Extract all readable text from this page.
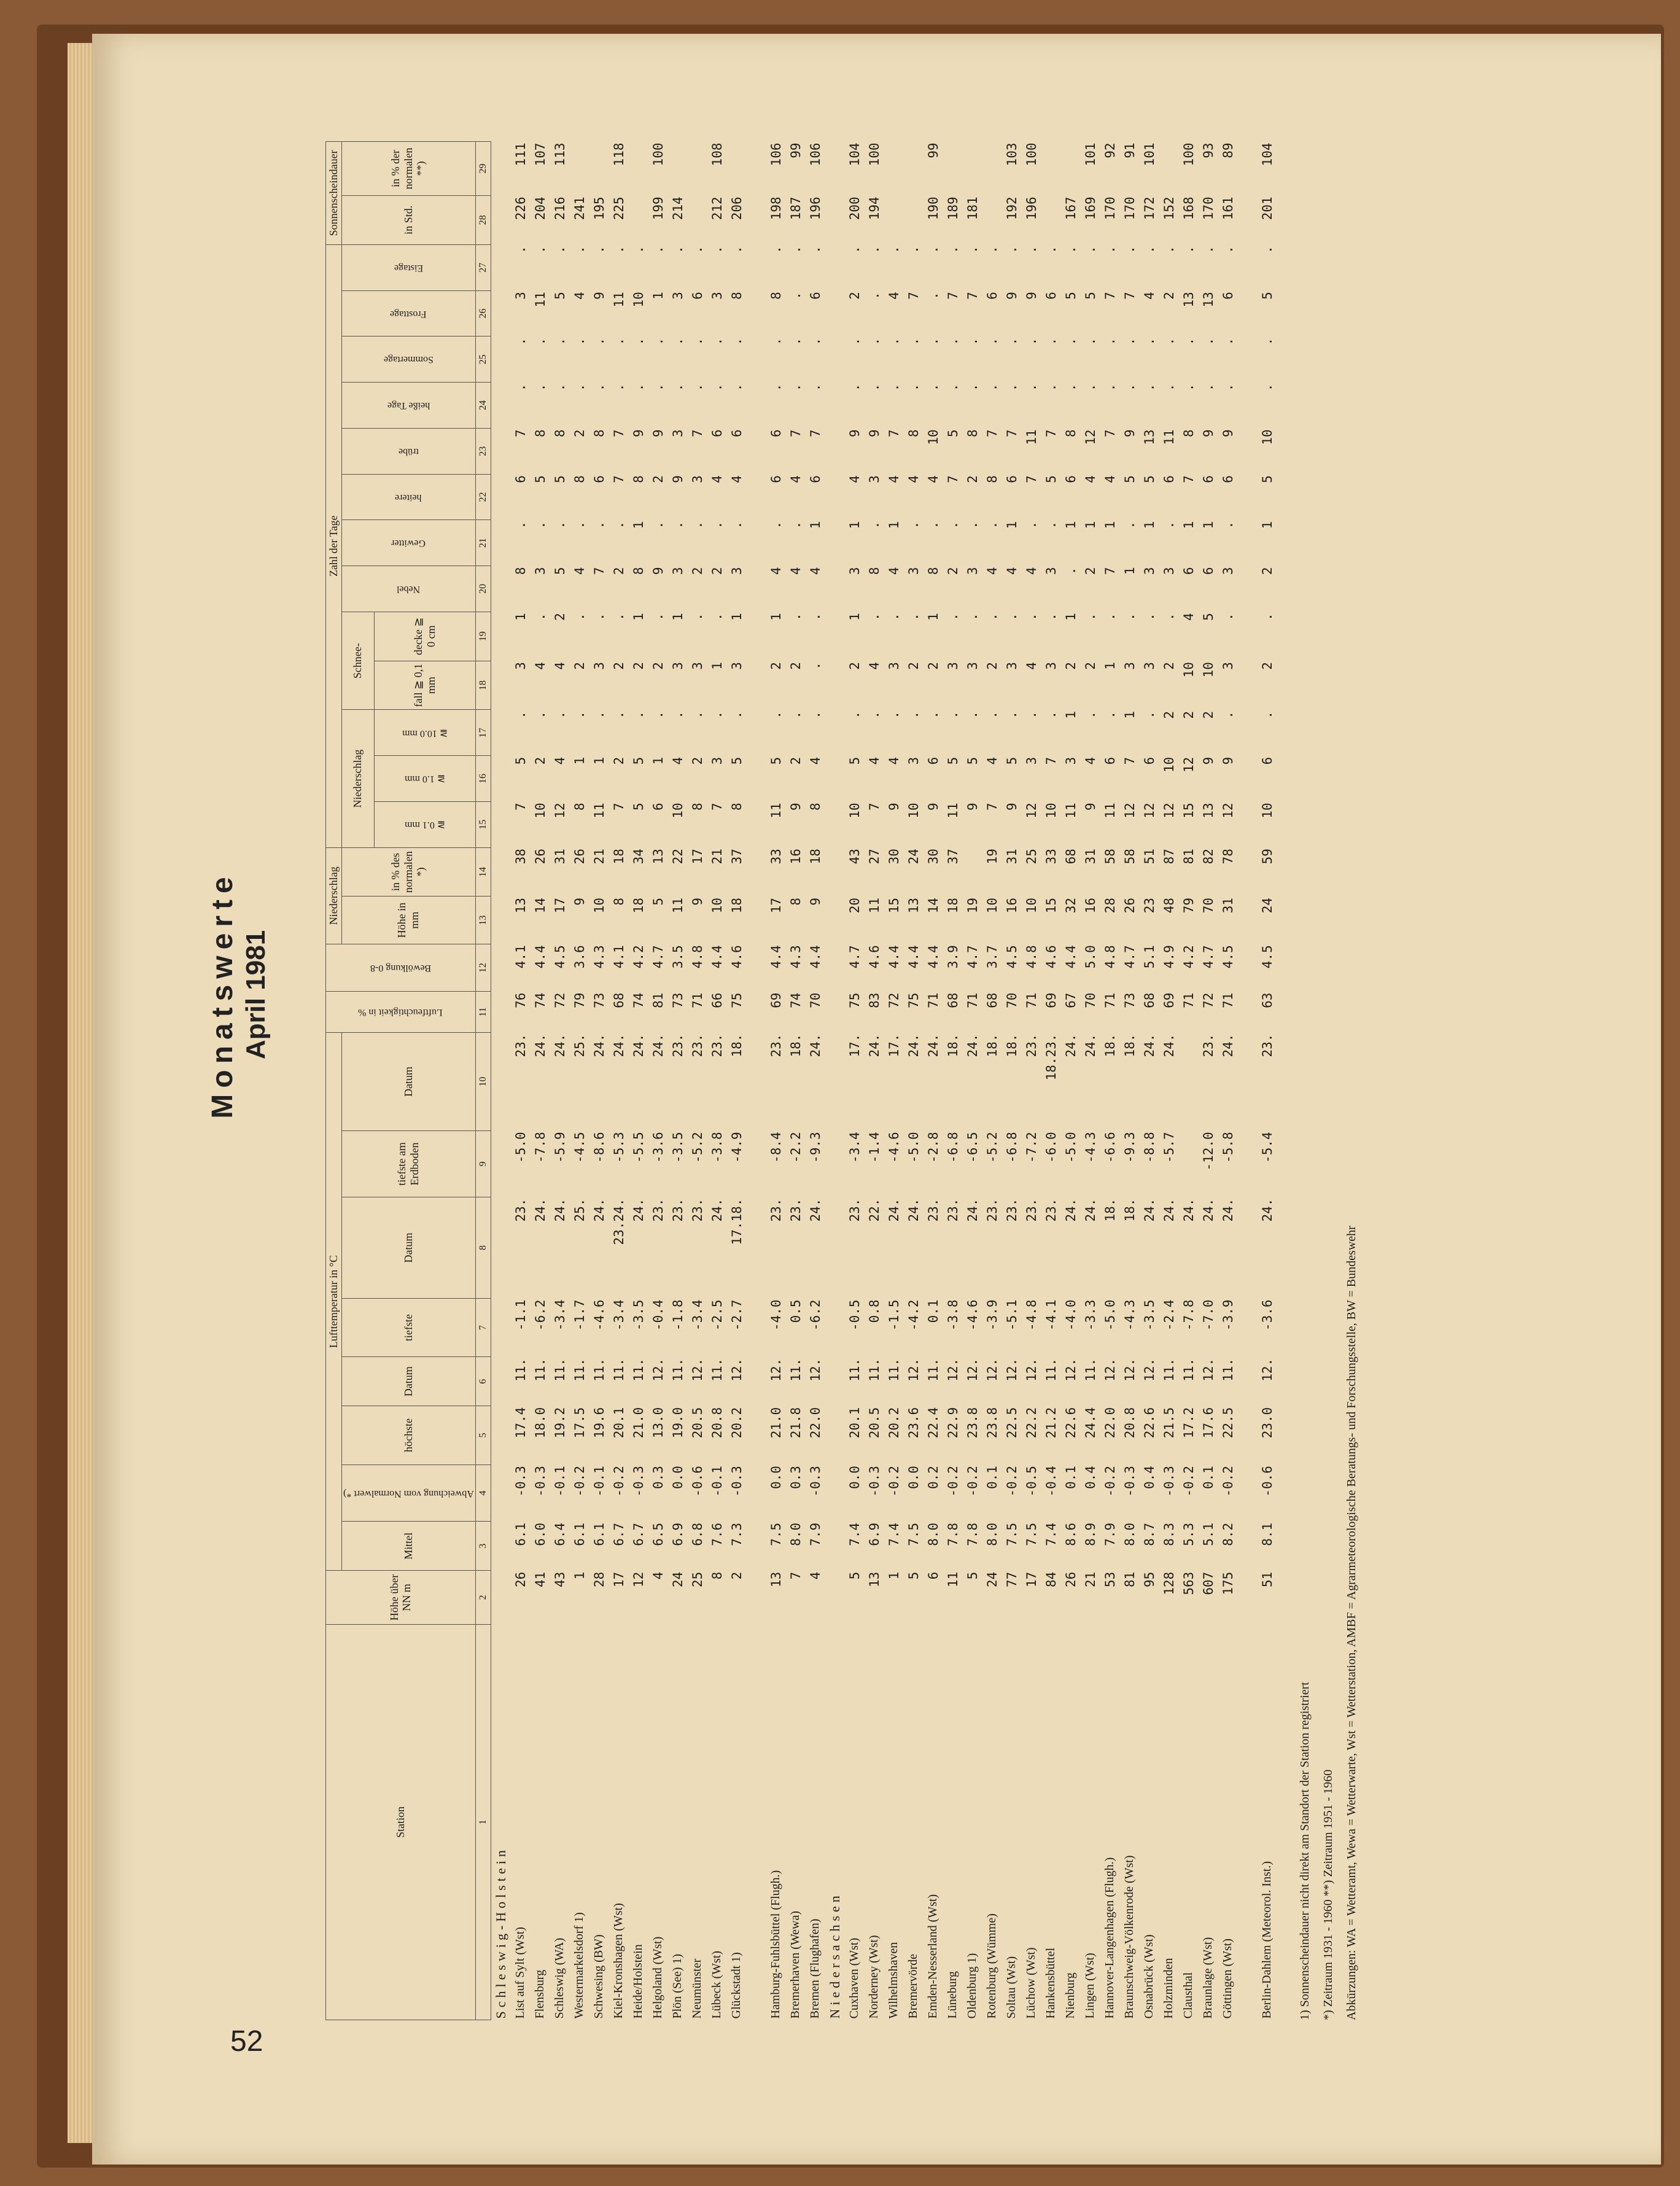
52
Monatswerte April 1981
Station	Höhe über NN m	Lufttemperatur in °C								Luftfeuchtigkeit in %	Bewölkung 0-8	Niederschlag		Zahl der Tage													Sonnenscheindauer	
		Mittel	Abweichung vom Normalwert *)	höchste	Datum	tiefste	Datum	tiefste am Erdboden	Datum			Höhe in mm	in % des normalen *)	Niederschlag			Schnee-		Nebel	Gewitter	heitere	trübe	heiße Tage	Sommertage	Frosttage	Eistage	in Std.	in % der normalen **)

														≧ 0.1 mm	≧ 1.0 mm	≧ 10.0 mm	fall ≧ 0,1 mm	decke ≧ 0 cm										
1	2	3	4	5	6	7	8	9	10	11	12	13	14	15	16	17	18	19	20	21	22	23	24	25	26	27	28	29
Schleswig-Holstein																												
List auf Sylt (Wst)	26	6.1	-0.3	17.4	11.	-1.1	23.	-5.0	23.	76	4.1	13	38	7	5	.	3	1	8	.	6	7	.	.	3	.	226	111
Flensburg	41	6.0	-0.3	18.0	11.	-6.2	24.	-7.8	24.	74	4.4	14	26	10	2	.	4	.	3	.	5	8	.	.	11	.	204	107
Schleswig (WA)	43	6.4	-0.1	19.2	11.	-3.4	24.	-5.9	24.	72	4.5	17	31	12	4	.	4	2	5	.	5	8	.	.	5	.	216	113
Westermarkelsdorf 1)	1	6.1	-0.2	17.5	11.	-1.7	25.	-4.5	25.	79	3.6	9	26	8	1	.	2	.	4	.	8	2	.	.	4	.	241	
Schwesing (BW)	28	6.1	-0.1	19.6	11.	-4.6	24.	-8.6	24.	73	4.3	10	21	11	1	.	3	.	7	.	6	8	.	.	9	.	195	
Kiel-Kronshagen (Wst)	17	6.7	-0.2	20.1	11.	-3.4	23.24.	-5.3	24.	68	4.1	8	18	7	2	.	2	.	2	.	7	7	.	.	11	.	225	118
Heide/Holstein	12	6.7	-0.3	21.0	11.	-3.5	24.	-5.5	24.	74	4.2	18	34	5	5	.	2	1	8	1	8	9	.	.	10	.		
Helgoland (Wst)	4	6.5	0.3	13.0	12.	-0.4	23.	-3.6	24.	81	4.7	5	13	6	1	.	2	.	9	.	2	9	.	.	1	.	199	100
Plön (See) 1)	24	6.9	0.0	19.0	11.	-1.8	23.	-3.5	23.	73	3.5	11	22	10	4	.	3	1	3	.	9	3	.	.	3	.	214	
Neumünster	25	6.8	-0.6	20.5	12.	-3.4	23.	-5.2	23.	71	4.8	9	17	8	2	.	3	.	2	.	3	7	.	.	6	.		
Lübeck (Wst)	8	7.6	-0.1	20.8	11.	-2.5	24.	-3.8	23.	66	4.4	10	21	7	3	.	1	.	2	.	4	6	.	.	3	.	212	108
Glückstadt 1)	2	7.3	-0.3	20.2	12.	-2.7	17.18.	-4.9	18.	75	4.6	18	37	8	5	.	3	1	3	.	4	6	.	.	8	.	206	

Hamburg-Fuhlsbüttel (Flugh.)	13	7.5	0.0	21.0	12.	-4.0	23.	-8.4	23.	69	4.4	17	33	11	5	.	2	1	4	.	6	6	.	.	8	.	198	106
Bremerhaven (Wewa)	7	8.0	0.3	21.8	11.	0.5	23.	-2.2	18.	74	4.3	8	16	9	2	.	2	.	4	.	4	7	.	.	.	.	187	99
Bremen (Flughafen)	4	7.9	-0.3	22.0	12.	-6.2	24.	-9.3	24.	70	4.4	9	18	8	4	.	.	.	4	1	6	7	.	.	6	.	196	106
Niedersachsen																												
Cuxhaven (Wst)	5	7.4	0.0	20.1	11.	-0.5	23.	-3.4	17.	75	4.7	20	43	10	5	.	2	1	3	1	4	9	.	.	2	.	200	104
Norderney (Wst)	13	6.9	-0.3	20.5	11.	0.8	22.	-1.4	24.	83	4.6	11	27	7	4	.	4	.	8	.	3	9	.	.	.	.	194	100
Wilhelmshaven	1	7.4	-0.2	20.2	11.	-1.5	24.	-4.6	17.	72	4.4	15	30	9	4	.	3	.	4	1	4	7	.	.	4	.		
Bremervörde	5	7.5	0.0	23.6	12.	-4.2	24.	-5.0	24.	75	4.4	13	24	10	3	.	2	.	3	.	4	8	.	.	7	.		
Emden-Nesserland (Wst)	6	8.0	0.2	22.4	11.	0.1	23.	-2.8	24.	71	4.4	14	30	9	6	.	2	1	8	.	4	10	.	.	.	.	190	99
Lüneburg	11	7.8	-0.2	22.9	12.	-3.8	23.	-6.8	18.	68	3.9	18	37	11	5	.	3	.	2	.	7	5	.	.	7	.	189	
Oldenburg 1)	5	7.8	-0.2	23.8	12.	-4.6	24.	-6.5	24.	71	4.7	19		9	5	.	3	.	3	.	2	8	.	.	7	.	181	
Rotenburg (Wümme)	24	8.0	0.1	23.8	12.	-3.9	23.	-5.2	18.	68	3.7	10	19	7	4	.	2	.	4	.	8	7	.	.	6	.		
Soltau (Wst)	77	7.5	-0.2	22.5	12.	-5.1	23.	-6.8	18.	70	4.5	16	31	9	5	.	3	.	4	1	6	7	.	.	9	.	192	103
Lüchow (Wst)	17	7.5	-0.5	22.2	12.	-4.8	23.	-7.2	23.	71	4.8	10	25	12	3	.	4	.	4	.	7	11	.	.	9	.	196	100
Hankensbüttel	84	7.4	-0.4	21.2	11.	-4.1	23.	-6.0	18.23.	69	4.6	15	33	10	7	.	3	.	3	.	5	7	.	.	6	.		
Nienburg	26	8.6	0.1	22.6	12.	-4.0	24.	-5.0	24.	67	4.4	32	68	11	3	1	2	1	.	1	6	8	.	.	5	.	167	
Lingen (Wst)	21	8.9	0.4	24.4	11.	-3.3	24.	-4.3	24.	70	5.0	16	31	9	4	.	2	.	2	1	4	12	.	.	5	.	169	101
Hannover-Langenhagen (Flugh.)	53	7.9	-0.2	22.0	12.	-5.0	18.	-6.6	18.	71	4.8	28	58	11	6	.	1	.	7	1	4	7	.	.	7	.	170	92
Braunschweig-Völkenrode (Wst)	81	8.0	-0.3	20.8	12.	-4.3	18.	-9.3	18.	73	4.7	26	58	12	7	1	3	.	1	.	5	9	.	.	7	.	170	91
Osnabrück (Wst)	95	8.7	0.4	22.6	12.	-3.5	24.	-8.8	24.	68	5.1	23	51	12	6	.	3	.	3	1	5	13	.	.	4	.	172	101
Holzminden	128	8.3	-0.3	21.5	11.	-2.4	24.	-5.7	24.	69	4.9	48	87	12	10	2	2	.	3	.	6	11	.	.	2	.	152	
Clausthal	563	5.3	-0.2	17.2	11.	-7.8	24.			71	4.2	79	81	15	12	2	10	4	6	1	7	8	.	.	13	.	168	100
Braunlage (Wst)	607	5.1	0.1	17.6	12.	-7.0	24.	-12.0	23.	72	4.7	70	82	13	9	2	10	5	6	1	6	9	.	.	13	.	170	93
Göttingen (Wst)	175	8.2	-0.2	22.5	11.	-3.9	24.	-5.8	24.	71	4.5	31	78	12	9	.	3	.	3	.	6	9	.	.	6	.	161	89

Berlin-Dahlem (Meteorol. Inst.)	51	8.1	-0.6	23.0	12.	-3.6	24.	-5.4	23.	63	4.5	24	59	10	6	.	2	.	2	1	5	10	.	.	5	.	201	104
1) Sonnenscheindauer nicht direkt am Standort der Station registriert *) Zeitraum 1931 - 1960 **) Zeitraum 1951 - 1960 Abkürzungen: WA = Wetteramt, Wewa = Wetterwarte, Wst = Wetterstation, AMBF = Agrarmeteorologische Beratungs- und Forschungsstelle, BW = Bundeswehr
